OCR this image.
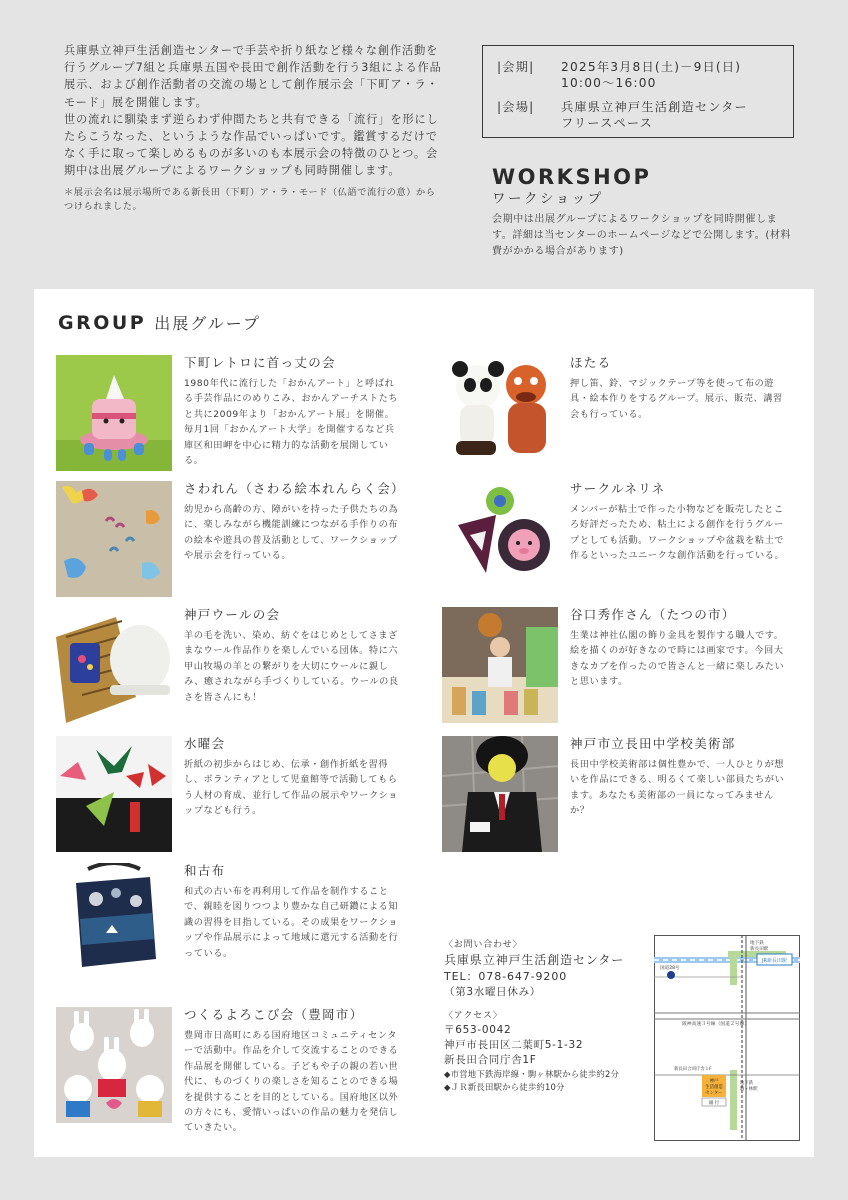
兵庫県立神戸生活創造センターで手芸や折り紙など様々な創作活動を行うグループ7組と兵庫県五国や長田で創作活動を行う3組による作品展示、および創作活動者の交流の場として創作展示会「下町ア・ラ・モード」展を開催します。

世の流れに馴染まず逆らわず仲間たちと共有できる「流行」を形にしたらこうなった、というような作品でいっぱいです。鑑賞するだけでなく手に取って楽しめるものが多いのも本展示会の特徴のひとつ。会期中は出展グループによるワークショップも同時開催します。

＊展示会名は展示場所である新長田（下町）ア・ラ・モード（仏語で流行の意）からつけられました。

|会期|	2025年3月8日(土)－9日(日)
10:00～16:00
|会場|	兵庫県立神戸生活創造センター
フリースペース
WORKSHOP
ワークショップ
会期中は出展グループによるワークショップを同時開催します。詳細は当センターのホームページなどで公開します。(材料費がかかる場合があります)
GROUP 出展グループ
下町レトロに首っ丈の会
1980年代に流行した「おかんアート」と呼ばれる手芸作品にのめりこみ、おかんアーチストたちと共に2009年より「おかんアート展」を開催。毎月1回「おかんアート大学」を開催するなど兵庫区和田岬を中心に精力的な活動を展開している。
さわれん（さわる絵本れんらく会）
幼児から高齢の方、障がいを持った子供たちの為に、楽しみながら機能訓練につながる手作りの布の絵本や遊具の普及活動として、ワークショップや展示会を行っている。
神戸ウールの会
羊の毛を洗い、染め、紡ぐをはじめとしてさまざまなウール作品作りを楽しんでいる団体。特に六甲山牧場の羊との繋がりを大切にウールに親しみ、癒されながら手づくりしている。ウールの良さを皆さんにも！
水曜会
折紙の初歩からはじめ、伝承・創作折紙を習得し、ボランティアとして児童館等で活動してもらう人材の育成、並行して作品の展示やワークショップなども行う。
和古布
和式の古い布を再利用して作品を制作することで、親睦を図りつつより豊かな自己研鑽による知識の習得を目指している。その成果をワークショップや作品展示によって地域に還元する活動を行っている。
つくるよろこび会（豊岡市）
豊岡市日高町にある国府地区コミュニティセンターで活動中。作品を介して交流することのできる作品展を開催している。子どもや子の親の若い世代に、ものづくりの楽しさを知ることのできる場を提供することを目的としている。国府地区以外の方々にも、愛情いっぱいの作品の魅力を発信していきたい。
ほたる
押し笛、鈴、マジックテープ等を使って布の遊具・絵本作りをするグループ。展示、販売、講習会も行っている。
サークルネリネ
メンバーが粘土で作った小物などを販売したところ好評だったため、粘土による創作を行うグループとしても活動。ワークショップや盆栽を粘土で作るといったユニークな創作活動を行っている。
谷口秀作さん（たつの市）
生業は神社仏閣の飾り金具を製作する職人です。絵を描くのが好きなので時には画家です。今回大きなカブを作ったので皆さんと一緒に楽しみたいと思います。
神戸市立長田中学校美術部
長田中学校美術部は個性豊かで、一人ひとりが想いを作品にできる、明るくて楽しい部員たちがいます。あなたも美術部の一員になってみませんか？
〈お問い合わせ〉
兵庫県立神戸生活創造センター
TEL：078-647-9200
（第3水曜日休み）
〈アクセス〉
〒653-0042
神戸市長田区二葉町5-1-32
新長田合同庁舎1F
◆市営地下鉄海岸線・駒ヶ林駅から徒歩約2分
◆ＪＲ新長田駅から徒歩約10分
JR新長田駅
地下鉄
新長田駅
国道28号
阪神高速３号線（国道２号線）
新長田合同庁舎１F
神戸
生活創造
センター
銀 行
地下鉄
駒ヶ林駅
